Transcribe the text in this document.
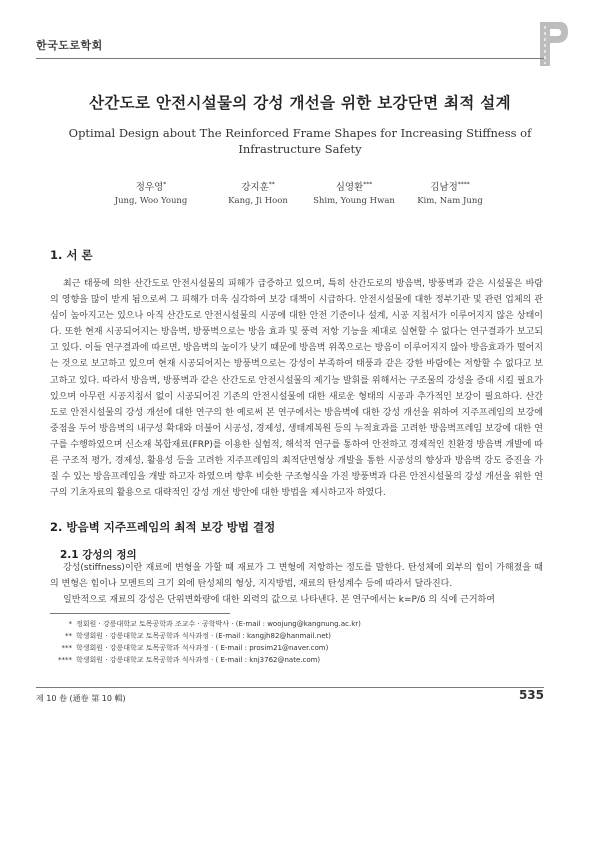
한국도로학회
산간도로 안전시설물의 강성 개선을 위한 보강단면 최적 설계
Optimal Design about The Reinforced Frame Shapes for Increasing Stiffness of
Infrastructure Safety
정우영*
Jung, Woo Young
강지훈**
Kang, Ji Hoon
심영환***
Shim, Young Hwan
김남정****
Kim, Nam Jung
1. 서 론
최근 태풍에 의한 산간도로 안전시설물의 피해가 급증하고 있으며, 특히 산간도로의 방음벽, 방풍벽과 같은 시설물은 바람의 영향을 많이 받게 됨으로써 그 피해가 더욱 심각하여 보강 대책이 시급하다. 안전시설물에 대한 정부기관 및 관련 업체의 관심이 높아지고는 있으나 아직 산간도로 안전시설물의 시공에 대한 안전 기준이나 설계, 시공 지침서가 이루어지지 않은 상태이다. 또한 현재 시공되어지는 방음벽, 방풍벽으로는 방음 효과 및 풍력 저항 기능을 제대로 실현할 수 없다는 연구결과가 보고되고 있다. 이들 연구결과에 따르면, 방음벽의 높이가 낮기 때문에 방음벽 위쪽으로는 방음이 이루어지지 않아 방음효과가 떨어지는 것으로 보고하고 있으며 현재 시공되어지는 방풍벽으로는 강성이 부족하여 태풍과 같은 강한 바람에는 저항할 수 없다고 보고하고 있다. 따라서 방음벽, 방풍벽과 같은 산간도로 안전시설물의 제기능 발휘를 위해서는 구조물의 강성을 증대 시킬 필요가 있으며 아무런 시공지침서 없이 시공되어진 기존의 안전시설물에 대한 새로운 형태의 시공과 추가적인 보강이 필요하다. 산간도로 안전시설물의 강성 개선에 대한 연구의 한 예로써 본 연구에서는 방음벽에 대한 강성 개선을 위하여 지주프레임의 보강에 중점을 두어 방음벽의 내구성 확대와 더불어 시공성, 경제성, 생태계복원 등의 누적효과를 고려한 방음벽프레임 보강에 대한 연구를 수행하였으며 신소재 복합재료(FRP)를 이용한 실험적, 해석적 연구를 통하여 안전하고 경제적인 친환경 방음벽 개발에 따른 구조적 평가, 경제성, 활용성 등을 고려한 지주프레임의 최적단면형상 개발을 통한 시공성의 향상과 방음벽 강도 증진을 가질 수 있는 방음프레임을 개발 하고자 하였으며 향후 비슷한 구조형식을 가진 방풍벽과 다른 안전시설물의 강성 개선을 위한 연구의 기초자료의 활용으로 대략적인 강성 개선 방안에 대한 방법을 제시하고자 하였다.
2. 방음벽 지주프레임의 최적 보강 방법 결정
2.1 강성의 정의
강성(stiffness)이란 재료에 변형을 가할 때 재료가 그 변형에 저항하는 정도를 말한다. 탄성체에 외부의 힘이 가해졌을 때의 변형은 힘이나 모멘트의 크기 외에 탄성체의 형상, 지지방법, 재료의 탄성계수 등에 따라서 달라진다.
일반적으로 재료의 강성은 단위변화량에 대한 외력의 값으로 나타낸다. 본 연구에서는 k=P/δ 의 식에 근거하여
* 정회원 · 강릉대학교 토목공학과 조교수 · 공학박사 · (E-mail : woojung@kangnung.ac.kr)
** 학생회원 · 강릉대학교 토목공학과 석사과정 · (E-mail : kangjh82@hanmail.net)
*** 학생회원 · 강릉대학교 토목공학과 석사과정 · ( E-mail : prosim21@naver.com)
**** 학생회원 · 강릉대학교 토목공학과 석사과정 · ( E-mail : knj3762@nate.com)
제 10 卷 (通卷 第 10 輯)	535
